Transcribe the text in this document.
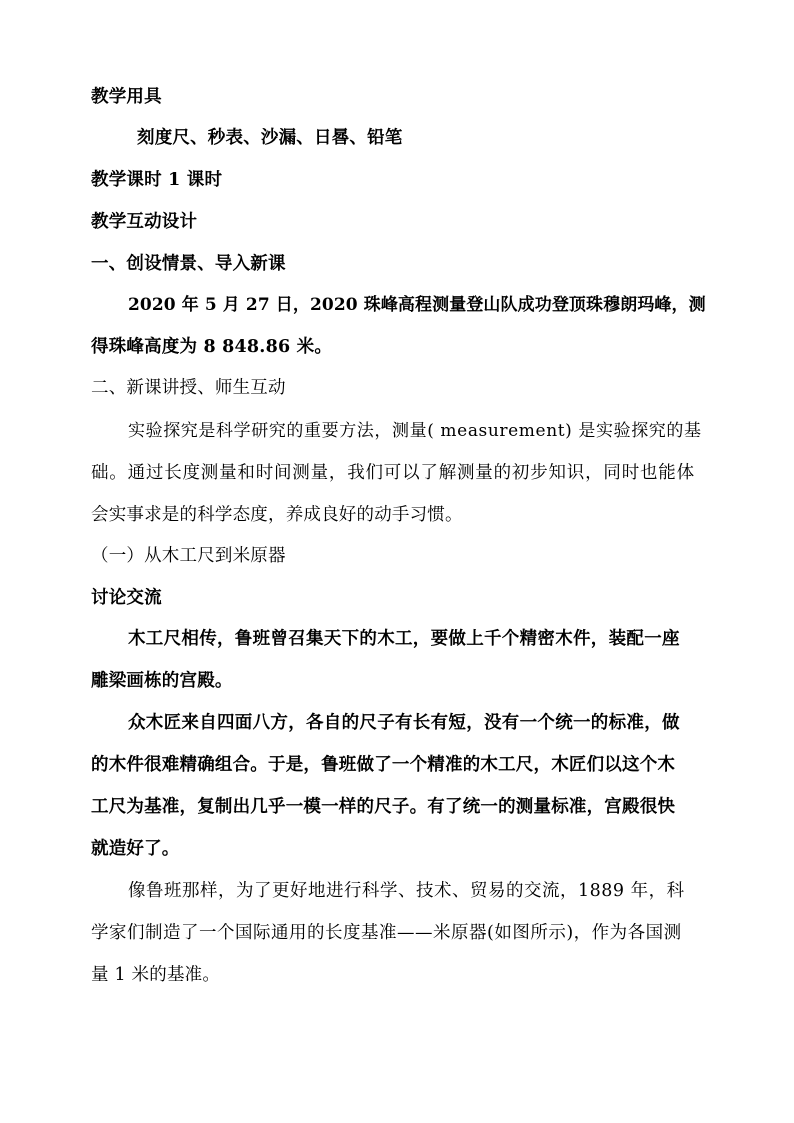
教学用具
刻度尺、秒表、沙漏、日晷、铅笔
教学课时 1 课时
教学互动设计
一、创设情景、导入新课
2020 年 5 月 27 日，2020 珠峰高程测量登山队成功登顶珠穆朗玛峰，测
得珠峰高度为 8 848.86 米。
二、新课讲授、师生互动
实验探究是科学研究的重要方法，测量( measurement) 是实验探究的基
础。通过长度测量和时间测量，我们可以了解测量的初步知识，同时也能体
会实事求是的科学态度，养成良好的动手习惯。
（一）从木工尺到米原器
讨论交流
木工尺相传，鲁班曾召集天下的木工，要做上千个精密木件，装配一座
雕梁画栋的宫殿。
众木匠来自四面八方，各自的尺子有长有短，没有一个统一的标准，做
的木件很难精确组合。于是，鲁班做了一个精准的木工尺，木匠们以这个木
工尺为基准，复制出几乎一模一样的尺子。有了统一的测量标准，宫殿很快
就造好了。
像鲁班那样，为了更好地进行科学、技术、贸易的交流，1889 年，科
学家们制造了一个国际通用的长度基准——米原器(如图所示)，作为各国测
量 1 米的基准。
